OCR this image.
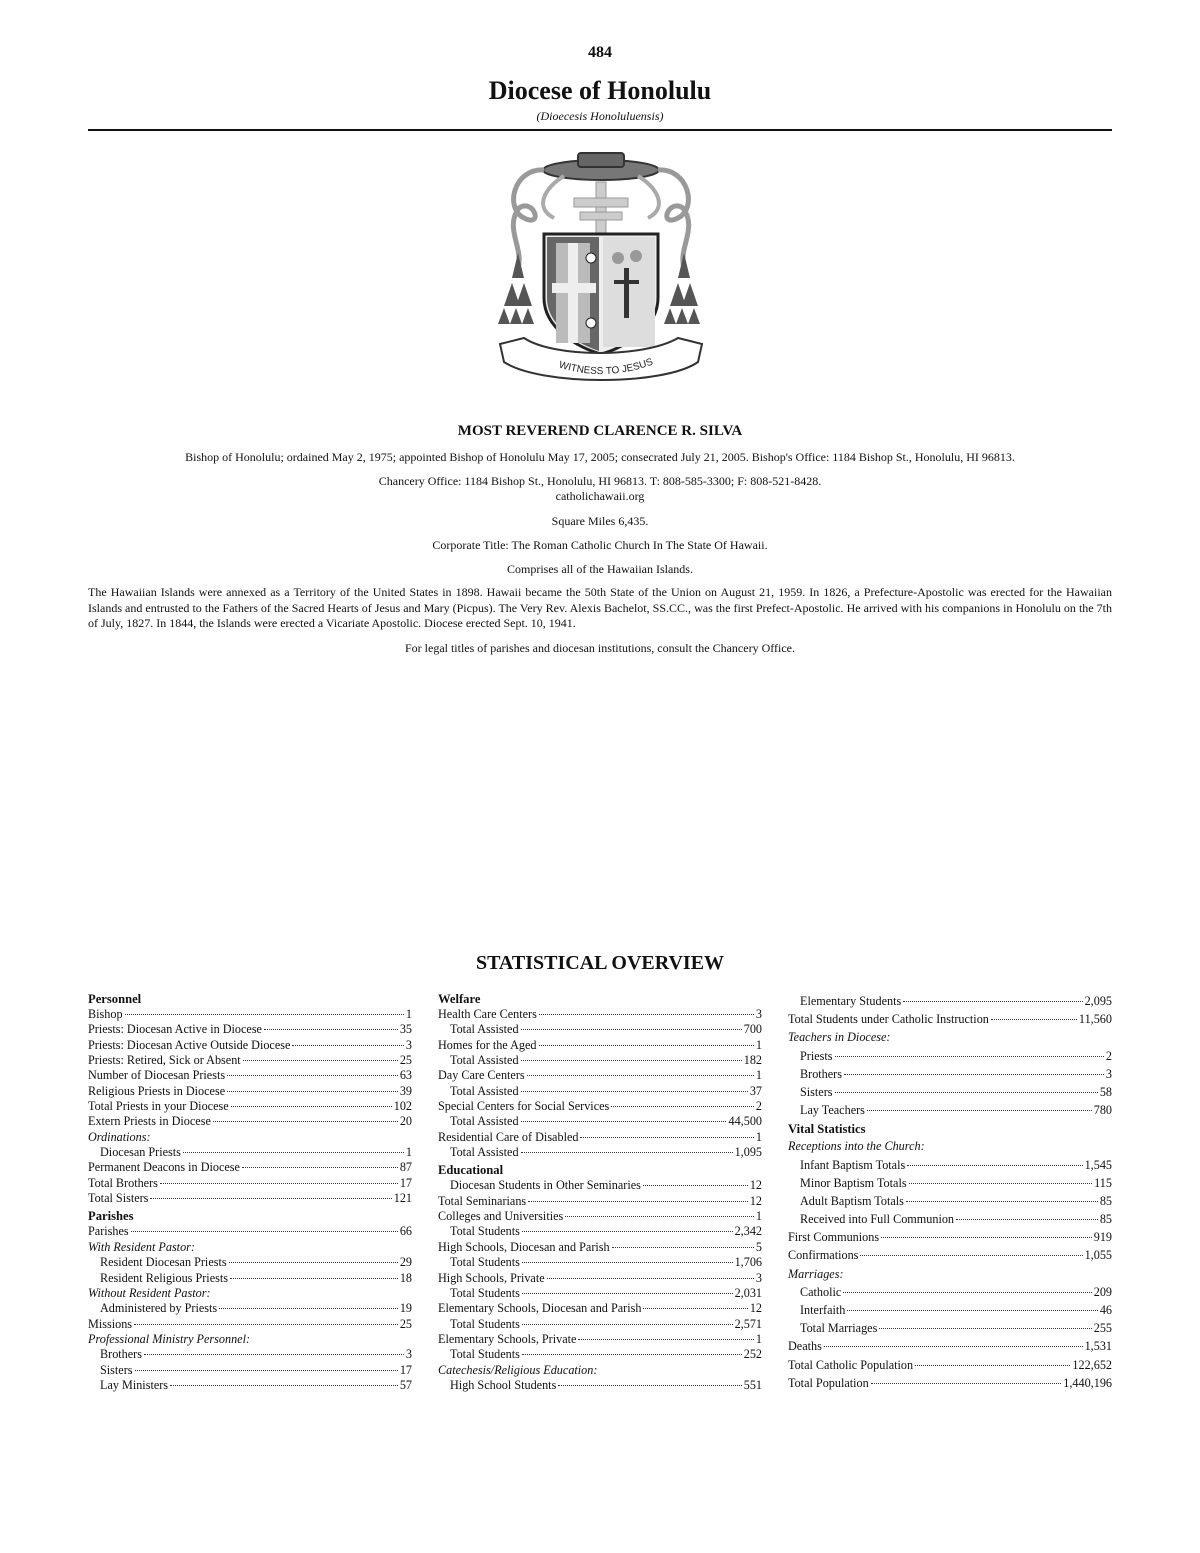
484
Diocese of Honolulu
(Dioecesis Honoluluensis)
WITNESS TO JESUS
MOST REVEREND CLARENCE R. SILVA
Bishop of Honolulu; ordained May 2, 1975; appointed Bishop of Honolulu May 17, 2005; consecrated July 21, 2005. Bishop's Office: 1184 Bishop St., Honolulu, HI 96813.
Chancery Office: 1184 Bishop St., Honolulu, HI 96813. T: 808-585-3300; F: 808-521-8428.
catholichawaii.org
Square Miles 6,435.
Corporate Title: The Roman Catholic Church In The State Of Hawaii.
Comprises all of the Hawaiian Islands.
The Hawaiian Islands were annexed as a Territory of the United States in 1898. Hawaii became the 50th State of the Union on August 21, 1959. In 1826, a Prefecture-Apostolic was erected for the Hawaiian Islands and entrusted to the Fathers of the Sacred Hearts of Jesus and Mary (Picpus). The Very Rev. Alexis Bachelot, SS.CC., was the first Prefect-Apostolic. He arrived with his companions in Honolulu on the 7th of July, 1827. In 1844, the Islands were erected a Vicariate Apostolic. Diocese erected Sept. 10, 1941.
For legal titles of parishes and diocesan institutions, consult the Chancery Office.
STATISTICAL OVERVIEW
Personnel
Bishop	1
Priests: Diocesan Active in Diocese	35
Priests: Diocesan Active Outside Diocese	3
Priests: Retired, Sick or Absent	25
Number of Diocesan Priests	63
Religious Priests in Diocese	39
Total Priests in your Diocese	102
Extern Priests in Diocese	20
Ordinations:
Diocesan Priests	1
Permanent Deacons in Diocese	87
Total Brothers	17
Total Sisters	121
Parishes
Parishes	66
With Resident Pastor:
Resident Diocesan Priests	29
Resident Religious Priests	18
Without Resident Pastor:
Administered by Priests	19
Missions	25
Professional Ministry Personnel:
Brothers	3
Sisters	17
Lay Ministers	57
Welfare
Health Care Centers	3
Total Assisted	700
Homes for the Aged	1
Total Assisted	182
Day Care Centers	1
Total Assisted	37
Special Centers for Social Services	2
Total Assisted	44,500
Residential Care of Disabled	1
Total Assisted	1,095
Educational
Diocesan Students in Other Seminaries	12
Total Seminarians	12
Colleges and Universities	1
Total Students	2,342
High Schools, Diocesan and Parish	5
Total Students	1,706
High Schools, Private	3
Total Students	2,031
Elementary Schools, Diocesan and Parish	12
Total Students	2,571
Elementary Schools, Private	1
Total Students	252
Catechesis/Religious Education:
High School Students	551
Elementary Students	2,095
Total Students under Catholic Instruction	11,560
Teachers in Diocese:
Priests	2
Brothers	3
Sisters	58
Lay Teachers	780
Vital Statistics
Receptions into the Church:
Infant Baptism Totals	1,545
Minor Baptism Totals	115
Adult Baptism Totals	85
Received into Full Communion	85
First Communions	919
Confirmations	1,055
Marriages:
Catholic	209
Interfaith	46
Total Marriages	255
Deaths	1,531
Total Catholic Population	122,652
Total Population	1,440,196
